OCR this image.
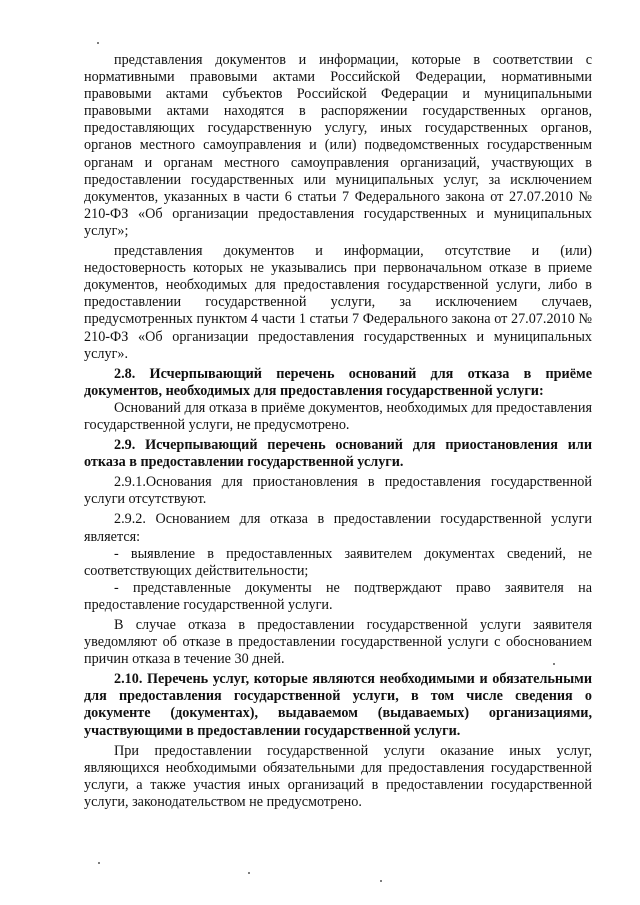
представления документов и информации, которые в соответствии с нормативными правовыми актами Российской Федерации, нормативными правовыми актами субъектов Российской Федерации и муниципальными правовыми актами находятся в распоряжении государственных органов, предоставляющих государственную услугу, иных государственных органов, органов местного самоуправления и (или) подведомственных государственным органам и органам местного самоуправления организаций, участвующих в предоставлении государственных или муниципальных услуг, за исключением документов, указанных в части 6 статьи 7 Федерального закона от 27.07.2010 № 210-ФЗ «Об организации предоставления государственных и муниципальных услуг»;

представления документов и информации, отсутствие и (или) недостоверность которых не указывались при первоначальном отказе в приеме документов, необходимых для предоставления государственной услуги, либо в предоставлении государственной услуги, за исключением случаев, предусмотренных пунктом 4 части 1 статьи 7 Федерального закона от 27.07.2010 № 210-ФЗ «Об организации предоставления государственных и муниципальных услуг».

2.8. Исчерпывающий перечень оснований для отказа в приёме документов, необходимых для предоставления государственной услуги:

Оснований для отказа в приёме документов, необходимых для предоставления государственной услуги, не предусмотрено.

2.9. Исчерпывающий перечень оснований для приостановления или отказа в предоставлении государственной услуги.

2.9.1.Основания для приостановления в предоставления государственной услуги отсутствуют.

2.9.2. Основанием для отказа в предоставлении государственной услуги является:

- выявление в предоставленных заявителем документах сведений, не соответствующих действительности;

- представленные документы не подтверждают право заявителя на предоставление государственной услуги.

В случае отказа в предоставлении государственной услуги заявителя уведомляют об отказе в предоставлении государственной услуги с обоснованием причин отказа в течение 30 дней.

2.10. Перечень услуг, которые являются необходимыми и обязательными для предоставления государственной услуги, в том числе сведения о документе (документах), выдаваемом (выдаваемых) организациями, участвующими в предоставлении государственной услуги.

При предоставлении государственной услуги оказание иных услуг, являющихся необходимыми обязательными для предоставления государственной услуги, а также участия иных организаций в предоставлении государственной услуги, законодательством не предусмотрено.
